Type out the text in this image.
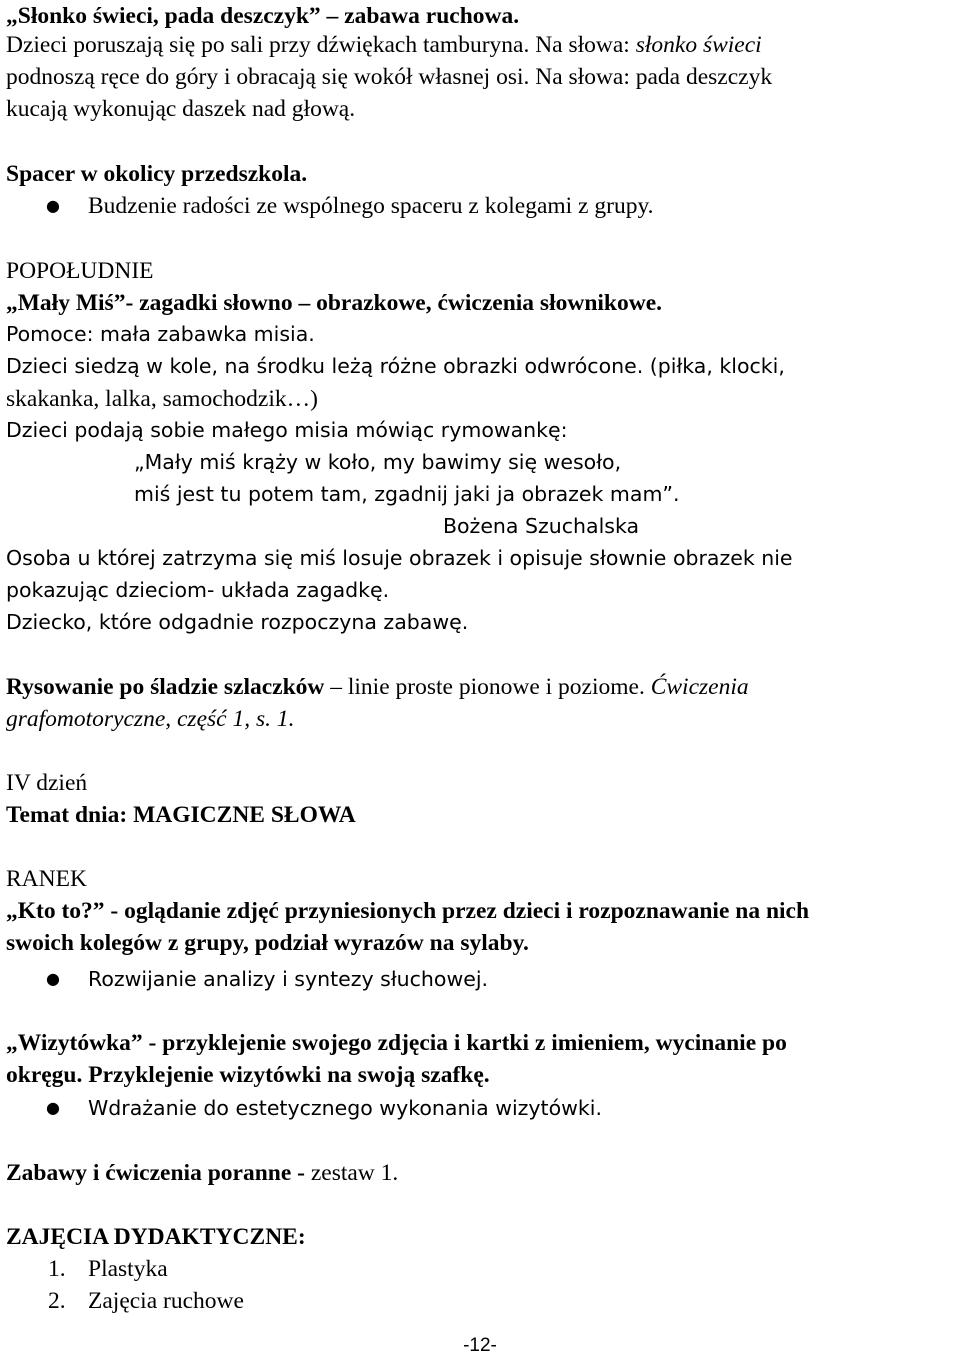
„Słonko świeci, pada deszczyk” – zabawa ruchowa.
Dzieci poruszają się po sali przy dźwiękach tamburyna. Na słowa: słonko świeci
podnoszą ręce do góry i obracają się wokół własnej osi. Na słowa: pada deszczyk
kucają wykonując daszek nad głową.
Spacer w okolicy przedszkola.
● Budzenie radości ze wspólnego spaceru z kolegami z grupy.
POPOŁUDNIE
„Mały Miś”- zagadki słowno – obrazkowe, ćwiczenia słownikowe.
Pomoce: mała zabawka misia.
Dzieci siedzą w kole, na środku leżą różne obrazki odwrócone. (piłka, klocki,
skakanka, lalka, samochodzik…)
Dzieci podają sobie małego misia mówiąc rymowankę:
„Mały miś krąży w koło, my bawimy się wesoło,
miś jest tu potem tam, zgadnij jaki ja obrazek mam”.
Bożena Szuchalska
Osoba u której zatrzyma się miś losuje obrazek i opisuje słownie obrazek nie
pokazując dzieciom- układa zagadkę.
Dziecko, które odgadnie rozpoczyna zabawę.
Rysowanie po śladzie szlaczków – linie proste pionowe i poziome. Ćwiczenia
grafomotoryczne, część 1, s. 1.
IV dzień
Temat dnia: MAGICZNE SŁOWA
RANEK
„Kto to?” - oglądanie zdjęć przyniesionych przez dzieci i rozpoznawanie na nich
swoich kolegów z grupy, podział wyrazów na sylaby.
● Rozwijanie analizy i syntezy słuchowej.
„Wizytówka” - przyklejenie swojego zdjęcia i kartki z imieniem, wycinanie po
okręgu. Przyklejenie wizytówki na swoją szafkę.
● Wdrażanie do estetycznego wykonania wizytówki.
Zabawy i ćwiczenia poranne - zestaw 1.
ZAJĘCIA DYDAKTYCZNE:
1. Plastyka
2. Zajęcia ruchowe
-12-
